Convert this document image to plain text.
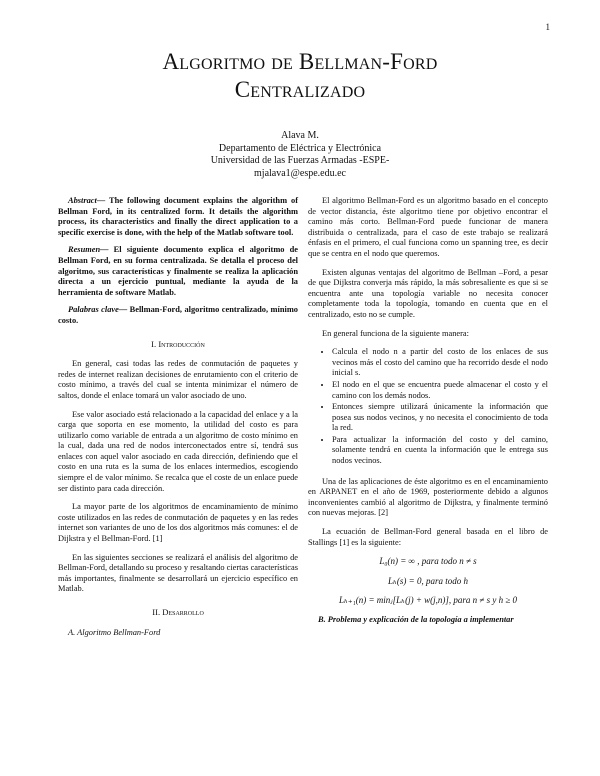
1
Algoritmo de Bellman-Ford
Centralizado
Alava M.
Departamento de Eléctrica y Electrónica
Universidad de las Fuerzas Armadas -ESPE-
mjalava1@espe.edu.ec

Abstract— The following document explains the algorithm of Bellman Ford, in its centralized form. It details the algorithm process, its characteristics and finally the direct application to a specific exercise is done, with the help of the Matlab software tool.

Resumen— El siguiente documento explica el algoritmo de Bellman Ford, en su forma centralizada. Se detalla el proceso del algoritmo, sus características y finalmente se realiza la aplicación directa a un ejercicio puntual, mediante la ayuda de la herramienta de software Matlab.

Palabras clave— Bellman-Ford, algoritmo centralizado, mínimo costo.

I. Introducción

En general, casi todas las redes de conmutación de paquetes y redes de internet realizan decisiones de enrutamiento con el criterio de costo mínimo, a través del cual se intenta minimizar el número de saltos, donde el enlace tomará un valor asociado de uno.

Ese valor asociado está relacionado a la capacidad del enlace y a la carga que soporta en ese momento, la utilidad del costo es para utilizarlo como variable de entrada a un algoritmo de costo mínimo en la cual, dada una red de nodos interconectados entre sí, tendrá sus enlaces con aquel valor asociado en cada dirección, definiendo que el costo en una ruta es la suma de los enlaces intermedios, escogiendo siempre el de valor mínimo. Se recalca que el coste de un enlace puede ser distinto para cada dirección.

La mayor parte de los algoritmos de encaminamiento de mínimo coste utilizados en las redes de conmutación de paquetes y en las redes internet son variantes de uno de los dos algoritmos más comunes: el de Dijkstra y el Bellman-Ford. [1]

En las siguientes secciones se realizará el análisis del algoritmo de Bellman-Ford, detallando su proceso y resaltando ciertas características más importantes, finalmente se desarrollará un ejercicio específico en Matlab.

II. Desarrollo
A. Algoritmo Bellman-Ford

El algoritmo Bellman-Ford es un algoritmo basado en el concepto de vector distancia, éste algoritmo tiene por objetivo encontrar el camino más corto. Bellman-Ford puede funcionar de manera distribuida o centralizada, para el caso de este trabajo se realizará énfasis en el primero, el cual funciona como un spanning tree, es decir que se centra en el nodo que queremos.

Existen algunas ventajas del algoritmo de Bellman –Ford, a pesar de que Dijkstra converja más rápido, la más sobresaliente es que si se encuentra ante una topología variable no necesita conocer completamente toda la topología, tomando en cuenta que en el centralizado, esto no se cumple.

En general funciona de la siguiente manera:

• Calcula el nodo n a partir del costo de los enlaces de sus vecinos más el costo del camino que ha recorrido desde el nodo inicial s.
• El nodo en el que se encuentra puede almacenar el costo y el camino con los demás nodos.
• Entonces siempre utilizará únicamente la información que posea sus nodos vecinos, y no necesita el conocimiento de toda la red.
• Para actualizar la información del costo y del camino, solamente tendrá en cuenta la información que le entrega sus nodos vecinos.

Una de las aplicaciones de éste algoritmo es en el encaminamiento en ARPANET en el año de 1969, posteriormente debido a algunos inconvenientes cambió al algoritmo de Dijkstra, y finalmente terminó con nuevas mejoras. [2]

La ecuación de Bellman-Ford general basada en el libro de Stallings [1] es la siguiente:

L₀(n) = ∞ , para todo n ≠ s
Lₕ(s) = 0, para todo h
Lₕ₊₁(n) = minⱼ[Lₕ(j) + w(j,n)], para n ≠ s y h ≥ 0
B. Problema y explicación de la topología a implementar
